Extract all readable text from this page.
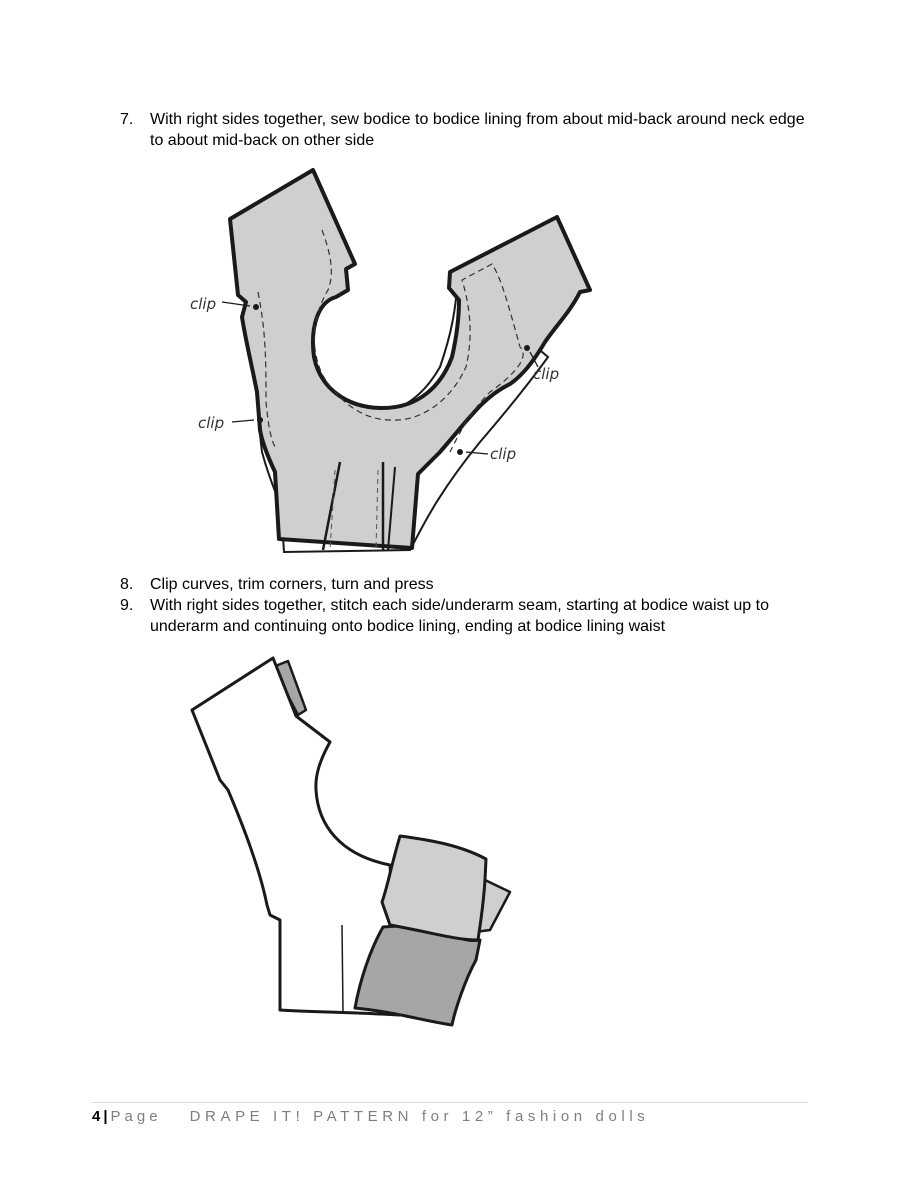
7.	With right sides together, sew bodice to bodice lining from about mid-back around neck edge to about mid-back on other side
clip
clip
clip
clip
8.	Clip curves, trim corners, turn and press
9.	With right sides together, stitch each side/underarm seam, starting at bodice waist up to underarm and continuing onto bodice lining, ending at bodice lining waist
4 | Page DRAPE IT! PATTERN for 12” fashion dolls
